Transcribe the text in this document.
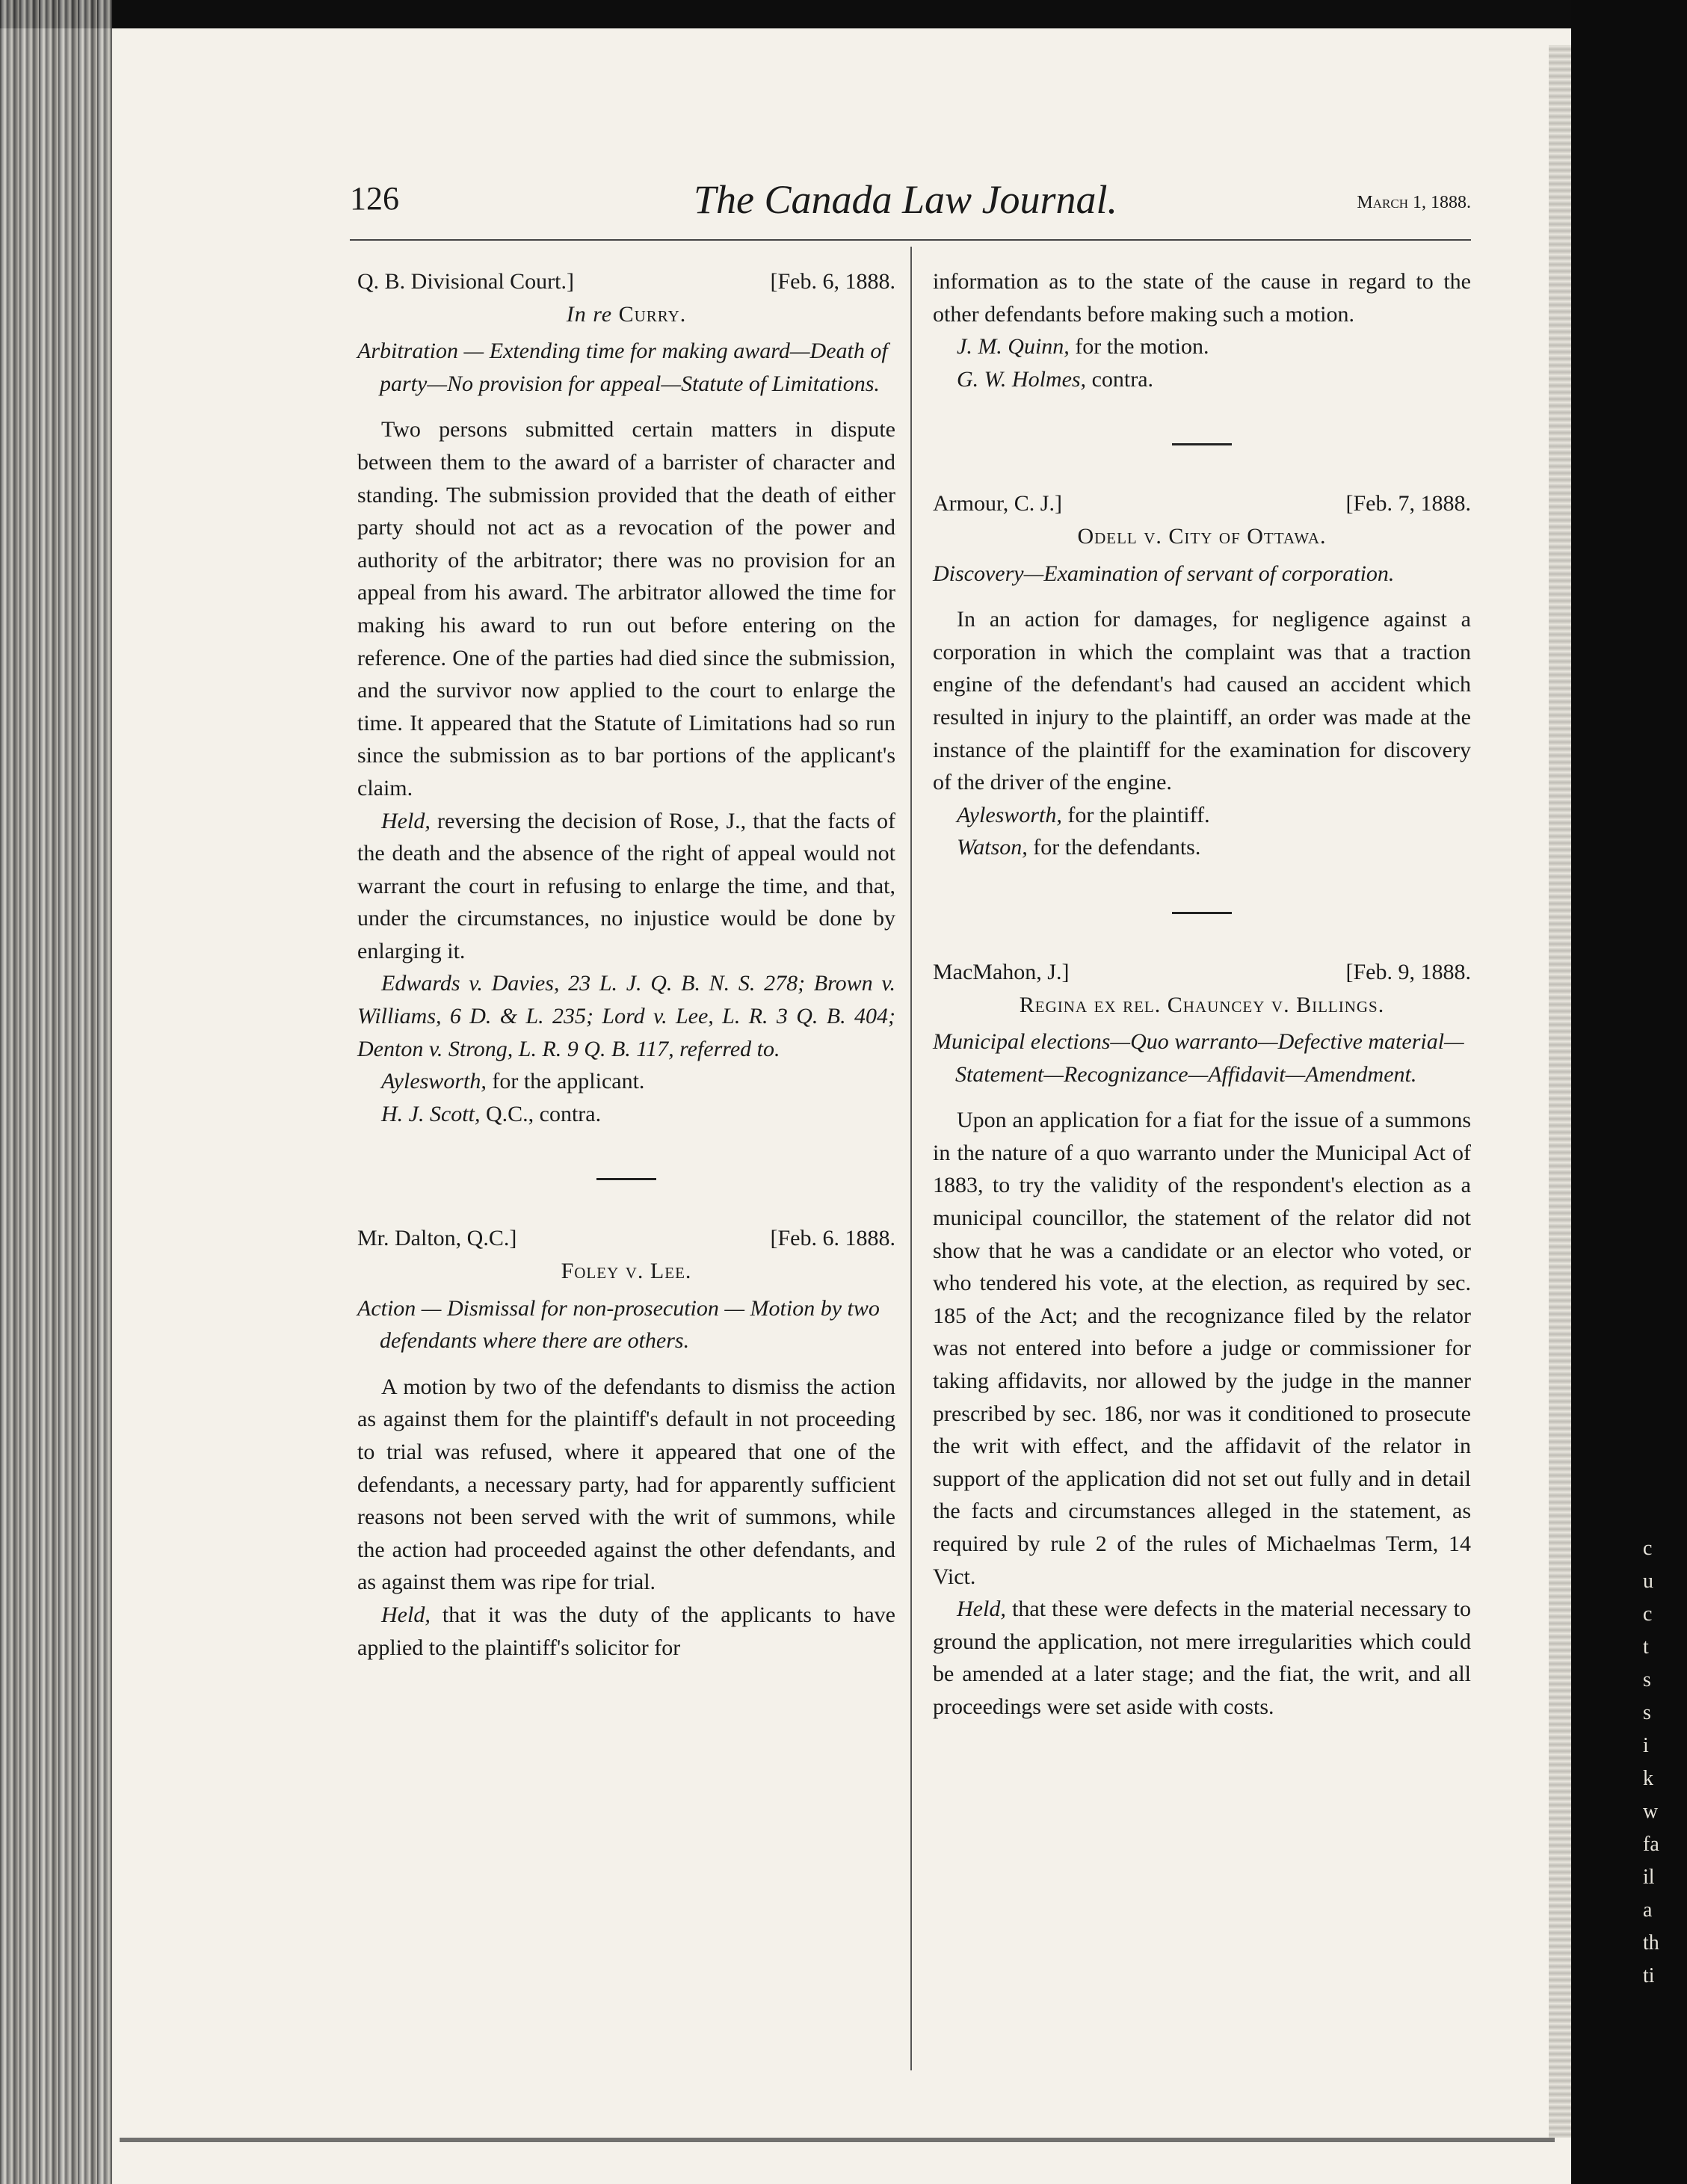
126	The Canada Law Journal.	March 1, 1888.
Q. B. Divisional Court.]	[Feb. 6, 1888.
In re Curry.
Arbitration — Extending time for making award—Death of party—No provision for appeal—Statute of Limitations.

Two persons submitted certain matters in dispute between them to the award of a barrister of character and standing. The submission provided that the death of either party should not act as a revocation of the power and authority of the arbitrator; there was no provision for an appeal from his award. The arbitrator allowed the time for making his award to run out before entering on the reference. One of the parties had died since the submission, and the survivor now applied to the court to enlarge the time. It appeared that the Statute of Limitations had so run since the submission as to bar portions of the applicant's claim.

Held, reversing the decision of Rose, J., that the facts of the death and the absence of the right of appeal would not warrant the court in refusing to enlarge the time, and that, under the circumstances, no injustice would be done by enlarging it.

Edwards v. Davies, 23 L. J. Q. B. N. S. 278; Brown v. Williams, 6 D. & L. 235; Lord v. Lee, L. R. 3 Q. B. 404; Denton v. Strong, L. R. 9 Q. B. 117, referred to.

Aylesworth, for the applicant.

H. J. Scott, Q.C., contra.

Mr. Dalton, Q.C.]	[Feb. 6. 1888.
Foley v. Lee.
Action — Dismissal for non-prosecution — Motion by two defendants where there are others.

A motion by two of the defendants to dismiss the action as against them for the plaintiff's default in not proceeding to trial was refused, where it appeared that one of the defendants, a necessary party, had for apparently sufficient reasons not been served with the writ of summons, while the action had proceeded against the other defendants, and as against them was ripe for trial.

Held, that it was the duty of the applicants to have applied to the plaintiff's solicitor for

information as to the state of the cause in regard to the other defendants before making such a motion.

J. M. Quinn, for the motion.

G. W. Holmes, contra.

Armour, C. J.]	[Feb. 7, 1888.
Odell v. City of Ottawa.
Discovery—Examination of servant of corporation.

In an action for damages, for negligence against a corporation in which the complaint was that a traction engine of the defendant's had caused an accident which resulted in injury to the plaintiff, an order was made at the instance of the plaintiff for the examination for discovery of the driver of the engine.

Aylesworth, for the plaintiff.

Watson, for the defendants.

MacMahon, J.]	[Feb. 9, 1888.
Regina ex rel. Chauncey v. Billings.
Municipal elections—Quo warranto—Defective material—Statement—Recognizance—Affidavit—Amendment.

Upon an application for a fiat for the issue of a summons in the nature of a quo warranto under the Municipal Act of 1883, to try the validity of the respondent's election as a municipal councillor, the statement of the relator did not show that he was a candidate or an elector who voted, or who tendered his vote, at the election, as required by sec. 185 of the Act; and the recognizance filed by the relator was not entered into before a judge or commissioner for taking affidavits, nor allowed by the judge in the manner prescribed by sec. 186, nor was it conditioned to prosecute the writ with effect, and the affidavit of the relator in support of the application did not set out fully and in detail the facts and circumstances alleged in the statement, as required by rule 2 of the rules of Michaelmas Term, 14 Vict.

Held, that these were defects in the material necessary to ground the application, not mere irregularities which could be amended at a later stage; and the fiat, the writ, and all proceedings were set aside with costs.

c
u
c
t
s
s
i
k
w
fa
il
a
th
ti
